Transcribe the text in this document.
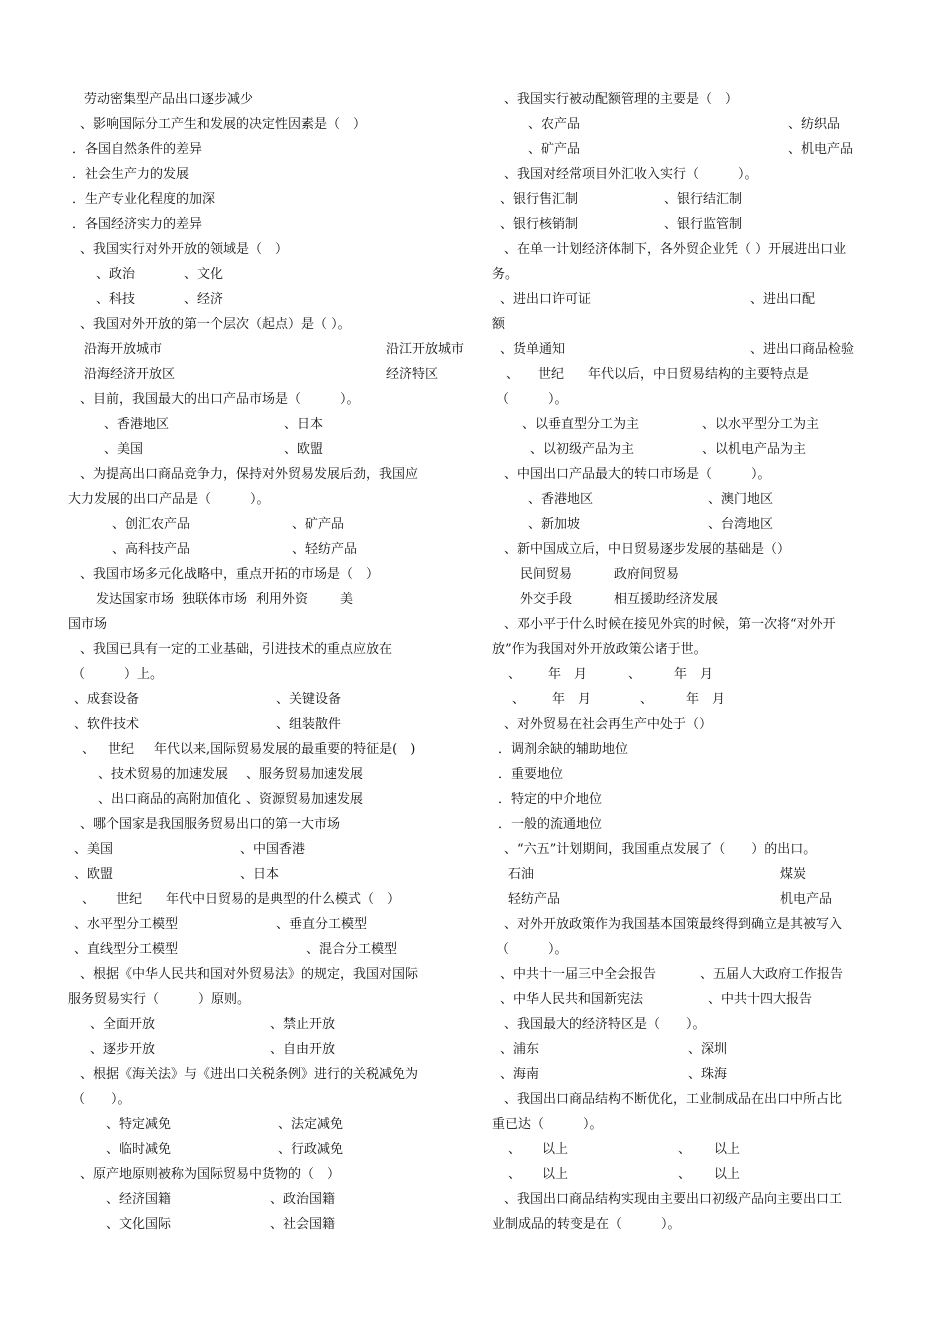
劳动密集型产品出口逐步减少
、影响国际分工产生和发展的决定性因素是（　）
．各国自然条件的差异
．社会生产力的发展
．生产专业化程度的加深
．各国经济实力的差异
、我国实行对外开放的领域是（　）
、政治	、文化
、科技	、经济
、我国对外开放的第一个层次（起点）是（ ）。
沿海开放城市	沿江开放城市
沿海经济开放区	经济特区
、目前，我国最大的出口产品市场是（　　　）。
、香港地区	、日本
、美国	、欧盟
、为提高出口商品竞争力，保持对外贸易发展后劲，我国应
大力发展的出口产品是（　　　）。
、创汇农产品	、矿产品
、高科技产品	、轻纺产品
、我国市场多元化战略中，重点开拓的市场是（　）
发达国家市场 独联体市场 利用外资 美
国市场
、我国已具有一定的工业基础，引进技术的重点应放在
（　　　）上。
、成套设备	、关键设备
、软件技术	、组装散件
、 世纪 年代以来,国际贸易发展的最重要的特征是(　)
、技术贸易的加速发展 、服务贸易加速发展
、出口商品的高附加值化 、资源贸易加速发展
、哪个国家是我国服务贸易出口的第一大市场
、美国	、中国香港
、欧盟	、日本
、 世纪 年代中日贸易的是典型的什么模式（　）
、水平型分工模型	、垂直分工模型
、直线型分工模型	、混合分工模型
、根据《中华人民共和国对外贸易法》的规定，我国对国际
服务贸易实行（　　　）原则。
、全面开放	、禁止开放
、逐步开放	、自由开放
、根据《海关法》与《进出口关税条例》进行的关税减免为
（　　）。
、特定减免	、法定减免
、临时减免	、行政减免
、原产地原则被称为国际贸易中货物的（　）
、经济国籍	、政治国籍
、文化国际	、社会国籍
、我国实行被动配额管理的主要是（　）
、农产品	、纺织品
、矿产品	、机电产品
、我国对经常项目外汇收入实行（　　　）。
、银行售汇制	、银行结汇制
、银行核销制	、银行监管制
、在单一计划经济体制下，各外贸企业凭（ ）开展进出口业
务。
、进出口许可证	、进出口配
额
、货单通知	、进出口商品检验
、 世纪 年代以后，中日贸易结构的主要特点是
（　　　）。
、以垂直型分工为主	、以水平型分工为主
、以初级产品为主	、以机电产品为主
、中国出口产品最大的转口市场是（　　　）。
、香港地区	、澳门地区
、新加坡	、台湾地区
、新中国成立后，中日贸易逐步发展的基础是（）
民间贸易	政府间贸易
外交手段	相互援助经济发展
、邓小平于什么时候在接见外宾的时候，第一次将“对外开
放”作为我国对外开放政策公诸于世。
、 年　月	、	年　月
、 年　月	、	年　月
、对外贸易在社会再生产中处于（）
．调剂余缺的辅助地位
．重要地位
．特定的中介地位
．一般的流通地位
、“六五”计划期间，我国重点发展了（　　）的出口。
石油	煤炭
轻纺产品	机电产品
、对外开放政策作为我国基本国策最终得到确立是其被写入
（　　　）。
、中共十一届三中全会报告	、五届人大政府工作报告
、中华人民共和国新宪法	、中共十四大报告
、我国最大的经济特区是（　　）。
、浦东	、深圳
、海南	、珠海
、我国出口商品结构不断优化，工业制成品在出口中所占比
重已达（　　　）。
、 以上	、 以上
、 以上	、 以上
、我国出口商品结构实现由主要出口初级产品向主要出口工
业制成品的转变是在（　　　）。
